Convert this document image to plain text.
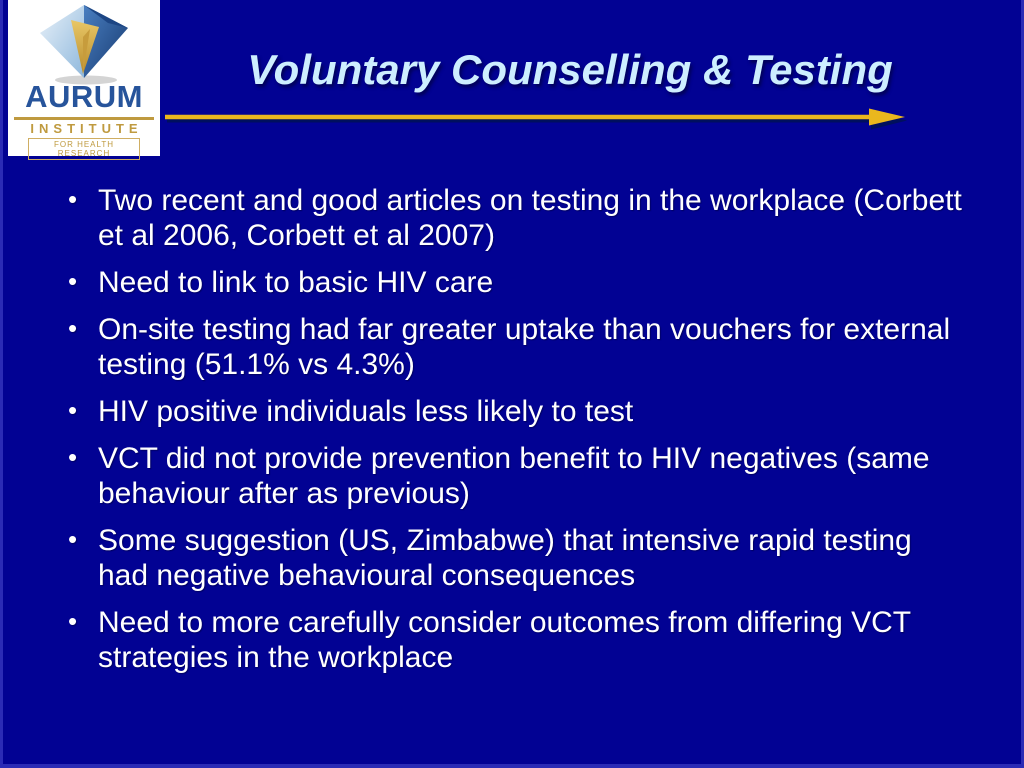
AURUM
INSTITUTE
FOR HEALTH RESEARCH
Voluntary Counselling & Testing
• Two recent and good articles on testing in the workplace (Corbett et al 2006, Corbett et al 2007)
• Need to link to basic HIV care
• On-site testing had far greater uptake than vouchers for external testing (51.1% vs 4.3%)
• HIV positive individuals less likely to test
• VCT did not provide prevention benefit to HIV negatives (same behaviour after as previous)
• Some suggestion (US, Zimbabwe) that intensive rapid testing had negative behavioural consequences
• Need to more carefully consider outcomes from differing VCT strategies in the workplace
